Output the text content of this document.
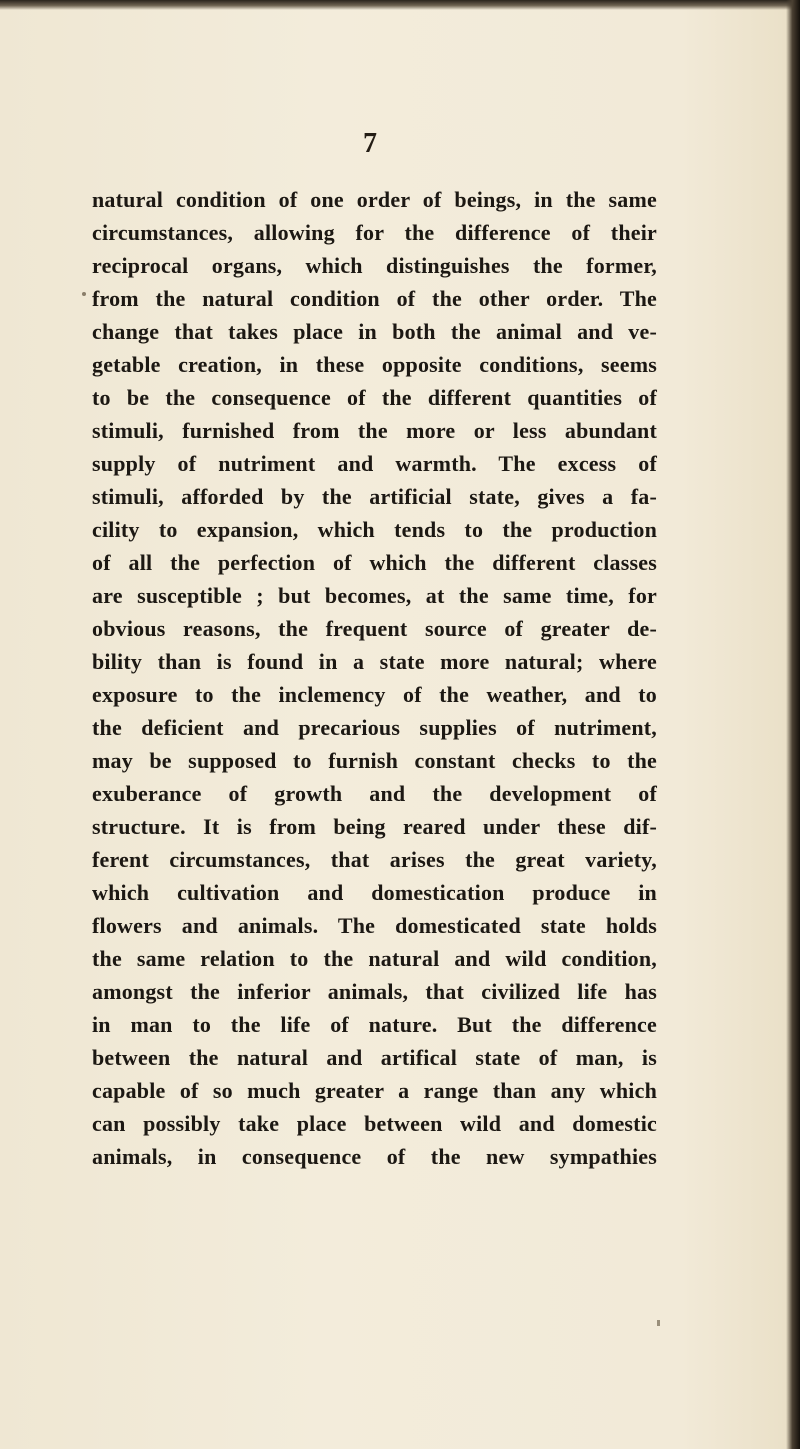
7
natural condition of one order of beings, in the same
circumstances, allowing for the difference of their
reciprocal organs, which distinguishes the former,
from the natural condition of the other order. The
change that takes place in both the animal and ve-
getable creation, in these opposite conditions, seems
to be the consequence of the different quantities of
stimuli, furnished from the more or less abundant
supply of nutriment and warmth. The excess of
stimuli, afforded by the artificial state, gives a fa-
cility to expansion, which tends to the production
of all the perfection of which the different classes
are susceptible ; but becomes, at the same time, for
obvious reasons, the frequent source of greater de-
bility than is found in a state more natural; where
exposure to the inclemency of the weather, and to
the deficient and precarious supplies of nutriment,
may be supposed to furnish constant checks to the
exuberance of growth and the development of
structure. It is from being reared under these dif-
ferent circumstances, that arises the great variety,
which cultivation and domestication produce in
flowers and animals. The domesticated state holds
the same relation to the natural and wild condition,
amongst the inferior animals, that civilized life has
in man to the life of nature. But the difference
between the natural and artifical state of man, is
capable of so much greater a range than any which
can possibly take place between wild and domestic
animals, in consequence of the new sympathies
